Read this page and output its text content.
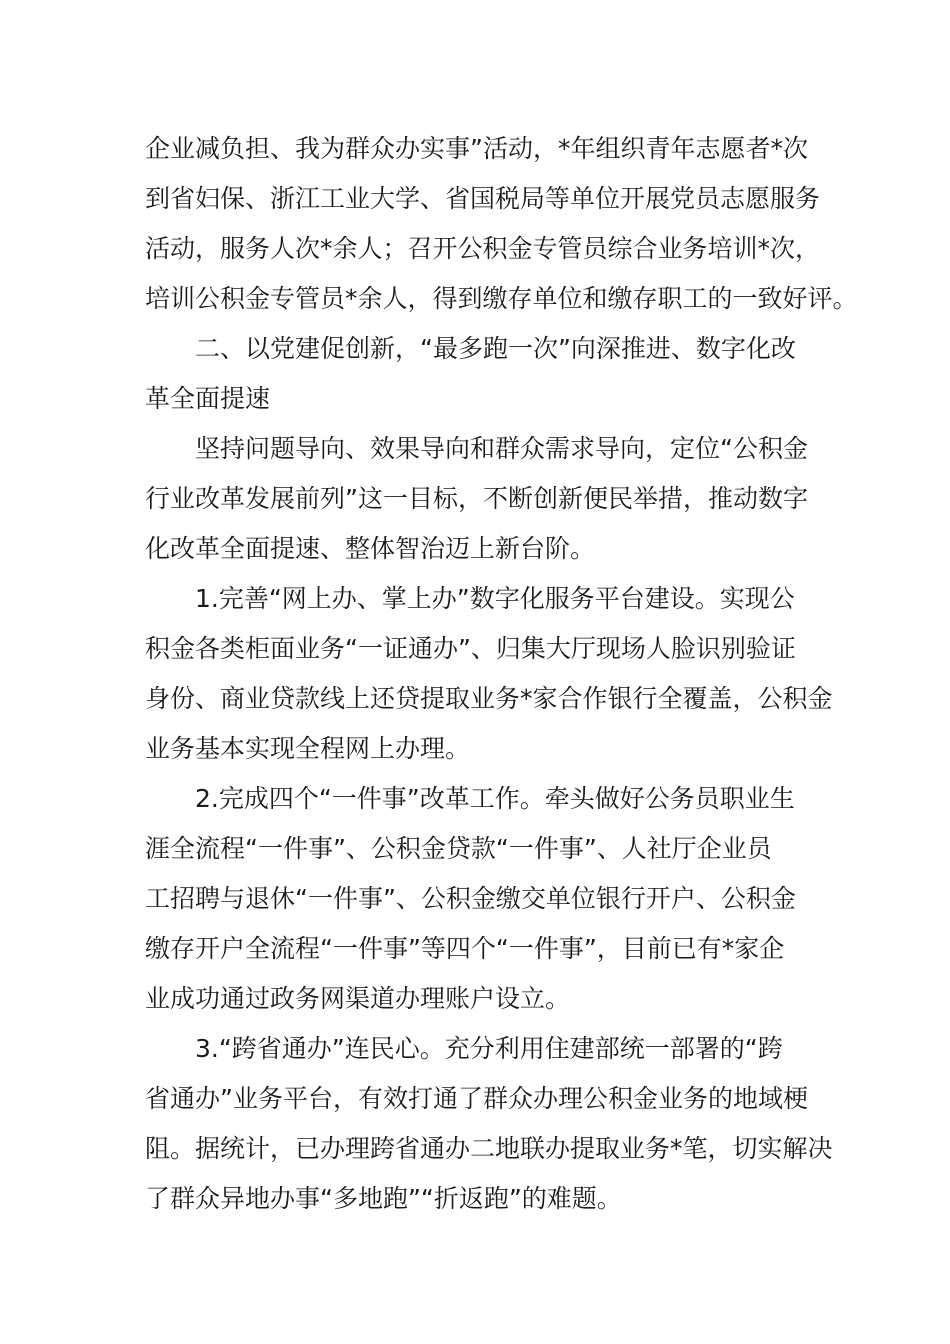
企业减负担、我为群众办实事”活动，*年组织青年志愿者*次
到省妇保、浙江工业大学、省国税局等单位开展党员志愿服务
活动，服务人次*余人；召开公积金专管员综合业务培训*次，
培训公积金专管员*余人，得到缴存单位和缴存职工的一致好评。
二、以党建促创新，“最多跑一次”向深推进、数字化改
革全面提速
坚持问题导向、效果导向和群众需求导向，定位“公积金
行业改革发展前列”这一目标，不断创新便民举措，推动数字
化改革全面提速、整体智治迈上新台阶。
1.完善“网上办、掌上办”数字化服务平台建设。实现公
积金各类柜面业务“一证通办”、归集大厅现场人脸识别验证
身份、商业贷款线上还贷提取业务*家合作银行全覆盖，公积金
业务基本实现全程网上办理。
2.完成四个“一件事”改革工作。牵头做好公务员职业生
涯全流程“一件事”、公积金贷款“一件事”、人社厅企业员
工招聘与退休“一件事”、公积金缴交单位银行开户、公积金
缴存开户全流程“一件事”等四个“一件事”，目前已有*家企
业成功通过政务网渠道办理账户设立。
3.“跨省通办”连民心。充分利用住建部统一部署的“跨
省通办”业务平台，有效打通了群众办理公积金业务的地域梗
阻。据统计，已办理跨省通办二地联办提取业务*笔，切实解决
了群众异地办事“多地跑”“折返跑”的难题。
